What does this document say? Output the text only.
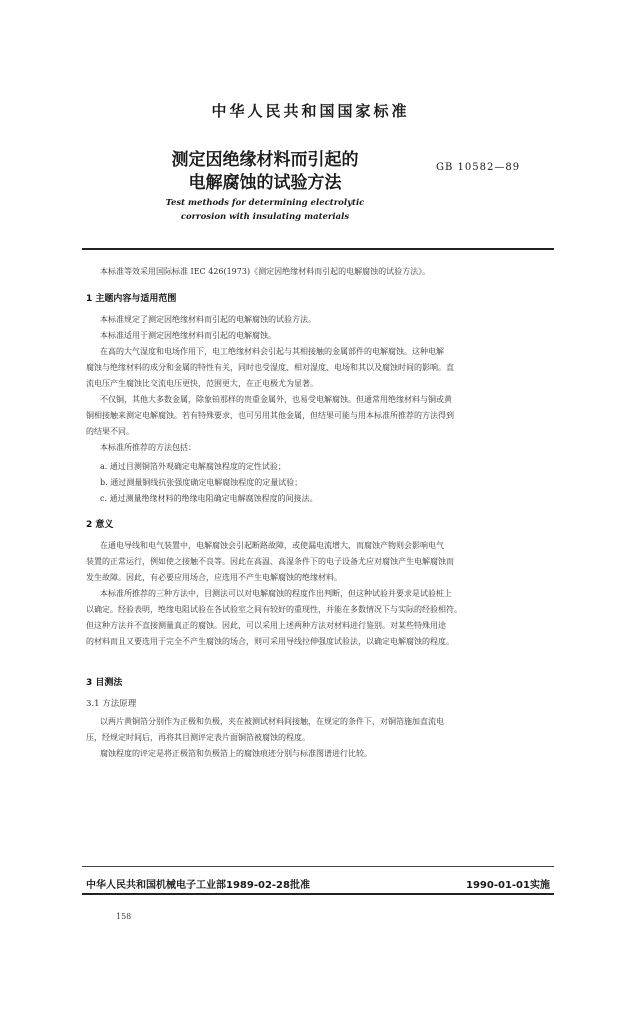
中华人民共和国国家标准
测定因绝缘材料而引起的
电解腐蚀的试验方法
GB 10582—89
Test methods for determining electrolytic
corrosion with insulating materials
本标准等效采用国际标准 IEC 426(1973)《测定因绝缘材料而引起的电解腐蚀的试验方法》。
1 主题内容与适用范围
本标准规定了测定因绝缘材料而引起的电解腐蚀的试验方法。
本标准适用于测定因绝缘材料而引起的电解腐蚀。
在高的大气湿度和电场作用下，电工绝缘材料会引起与其相接触的金属部件的电解腐蚀。这种电解
腐蚀与绝缘材料的成分和金属的特性有关，同时也受湿度、相对湿度、电场和其以及腐蚀时间的影响。直
流电压产生腐蚀比交流电压更快，范围更大，在正电极尤为显著。
不仅铜，其他大多数金属，除象铂那样的贵重金属外，也易受电解腐蚀。但通常用绝缘材料与铜或黄
铜相接触来测定电解腐蚀。若有特殊要求，也可另用其他金属，但结果可能与用本标准所推荐的方法得到
的结果不同。
本标准所推荐的方法包括：
a. 通过目测铜箔外观确定电解腐蚀程度的定性试验；
b. 通过测量铜线抗张强度确定电解腐蚀程度的定量试验；
c. 通过测量绝缘材料的绝缘电阻确定电解腐蚀程度的间接法。
2 意义
在通电导线和电气装置中，电解腐蚀会引起断路故障，或使漏电流增大，而腐蚀产物则会影响电气
装置的正常运行，例如使之接触不良等。因此在高温、高湿条件下的电子设备尤应对腐蚀产生电解腐蚀而
发生故障。因此，有必要应用场合，应选用不产生电解腐蚀的绝缘材料。
本标准所推荐的三种方法中，目测法可以对电解腐蚀的程度作出判断，但这种试验并要求是试验桩上
以确定。经验表明，绝缘电阻试验在各试验室之间有较好的重现性，并能在多数情况下与实际的经验相符。
但这种方法并不直接测量真正的腐蚀。因此，可以采用上述两种方法对材料进行鉴别。对某些特殊用途
的材料而且又要选用于完全不产生腐蚀的场合，则可采用导线拉伸强度试验法，以确定电解腐蚀的程度。
3 目测法
3.1 方法原理
以两片黄铜箔分别作为正极和负极，夹在被测试材料间接触，在规定的条件下，对铜箔施加直流电
压，经规定时间后，再将其目测评定表片面铜箔被腐蚀的程度。
腐蚀程度的评定是将正极箔和负极箔上的腐蚀痕迹分别与标准图谱进行比较。
中华人民共和国机械电子工业部1989-02-28批准	1990-01-01实施
158
